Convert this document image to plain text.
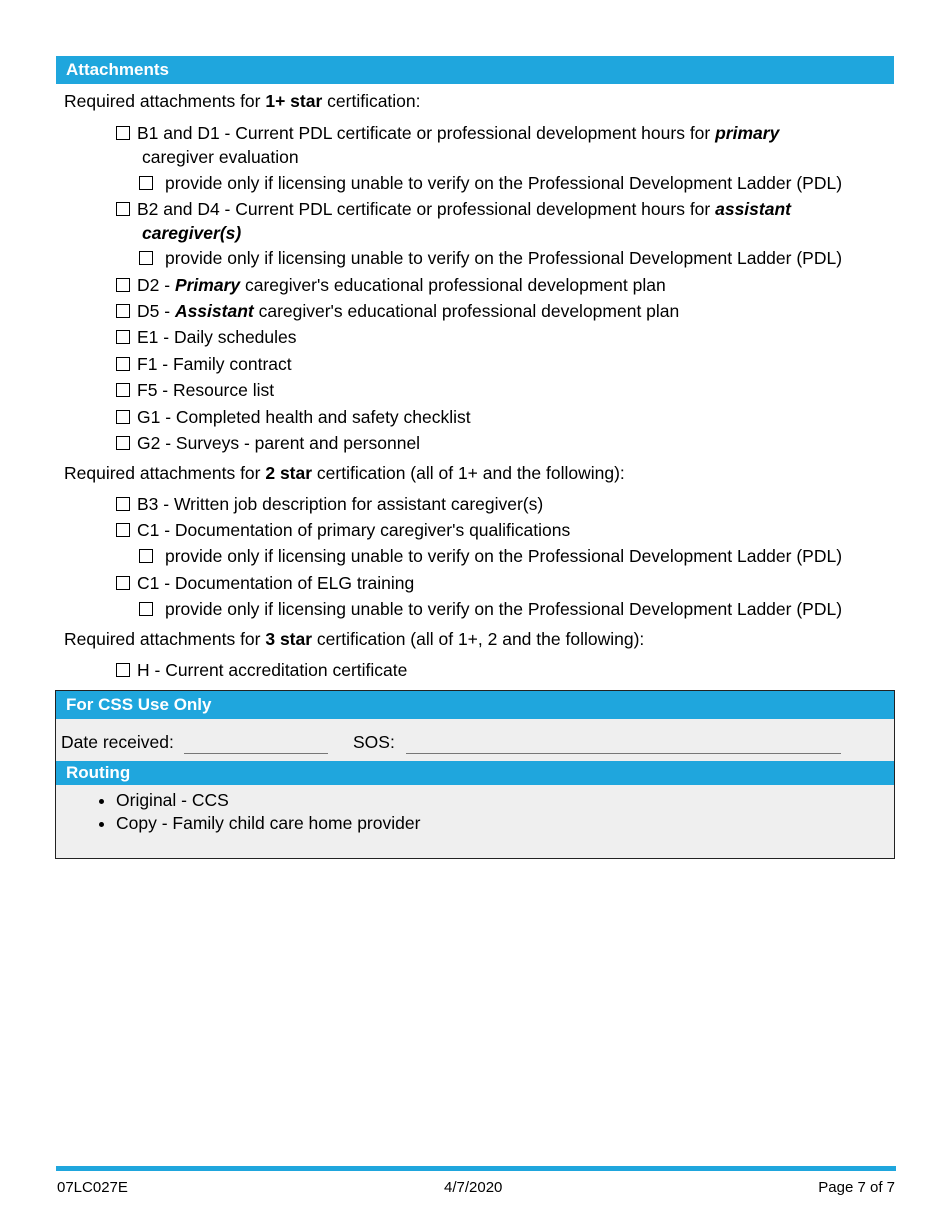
Attachments
Required attachments for 1+ star certification:
B1 and D1 - Current PDL certificate or professional development hours for primary
caregiver evaluation
provide only if licensing unable to verify on the Professional Development Ladder (PDL)
B2 and D4 - Current PDL certificate or professional development hours for assistant
caregiver(s)
provide only if licensing unable to verify on the Professional Development Ladder (PDL)
D2 - Primary caregiver's educational professional development plan
D5 - Assistant caregiver's educational professional development plan
E1 - Daily schedules
F1 - Family contract
F5 - Resource list
G1 - Completed health and safety checklist
G2 - Surveys - parent and personnel
Required attachments for 2 star certification (all of 1+ and the following):
B3 - Written job description for assistant caregiver(s)
C1 - Documentation of primary caregiver's qualifications
provide only if licensing unable to verify on the Professional Development Ladder (PDL)
C1 - Documentation of ELG training
provide only if licensing unable to verify on the Professional Development Ladder (PDL)
Required attachments for 3 star certification (all of 1+, 2 and the following):
H - Current accreditation certificate
For CSS Use Only
Date received:	SOS:
Routing
• Original - CCS
• Copy - Family child care home provider
07LC027E	4/7/2020	Page 7 of 7
